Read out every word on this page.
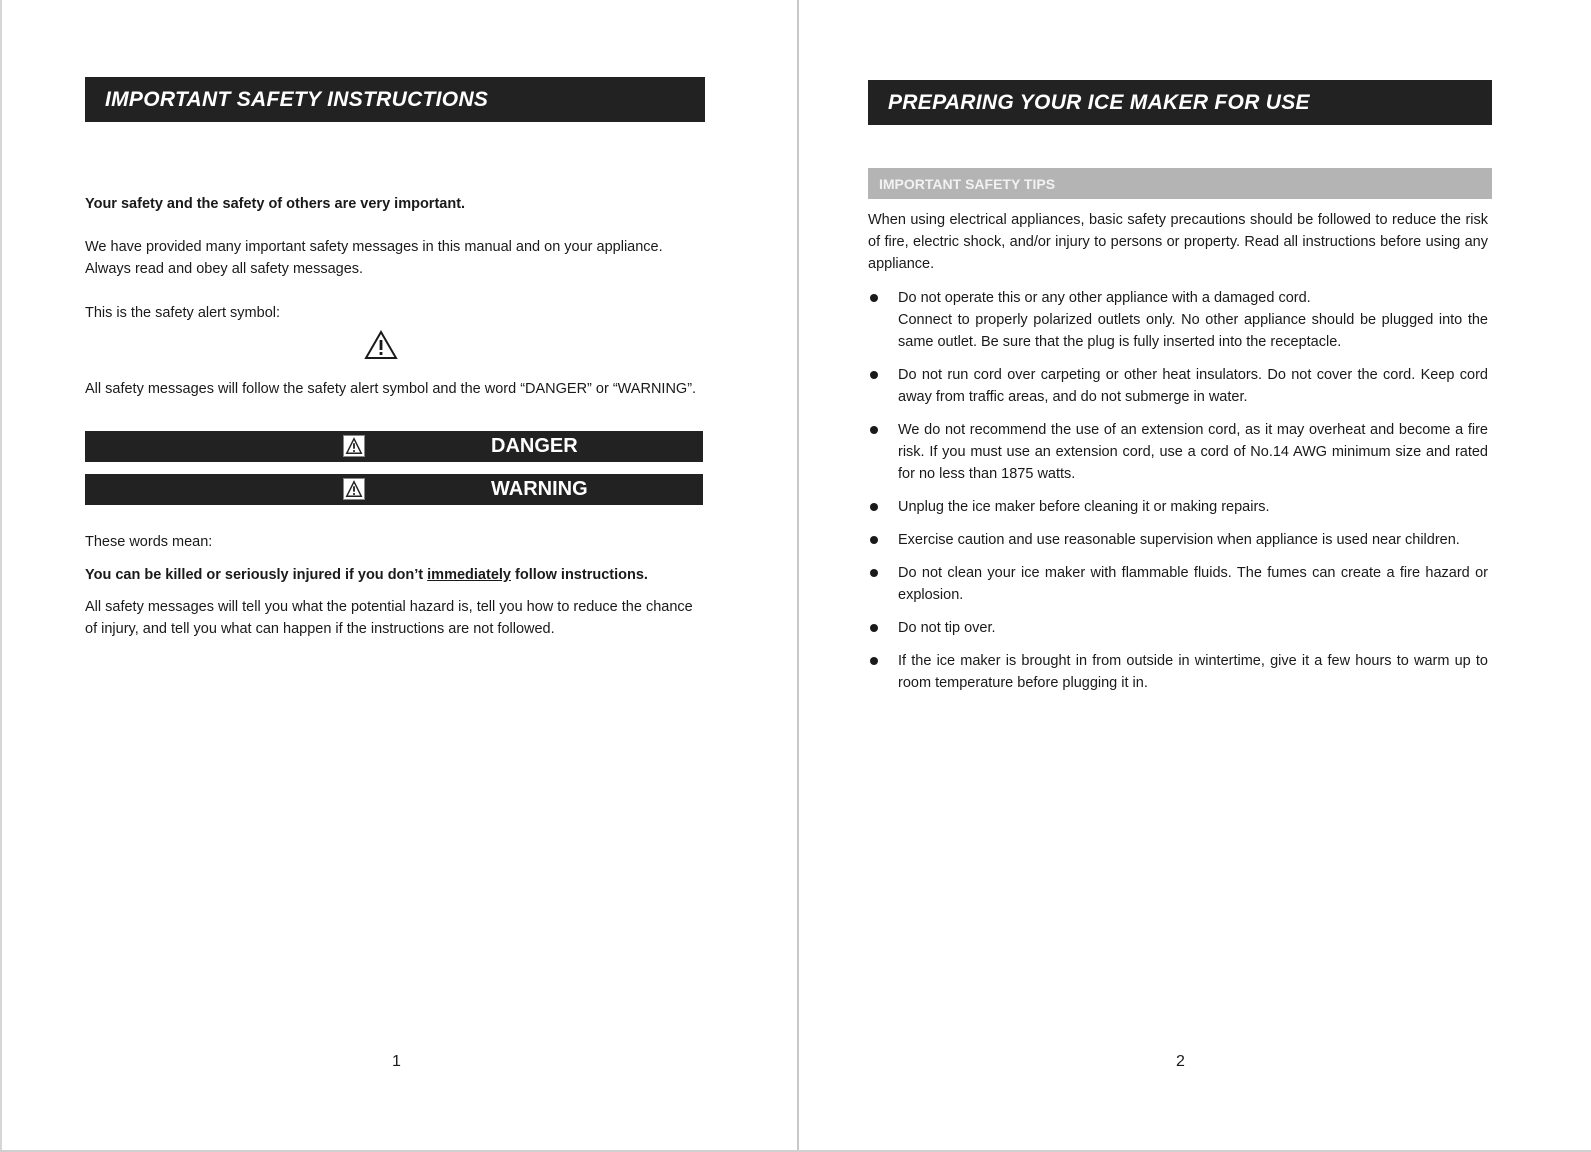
IMPORTANT SAFETY INSTRUCTIONS
Your safety and the safety of others are very important.
We have provided many important safety messages in this manual and on your appliance.
Always read and obey all safety messages.
This is the safety alert symbol:
All safety messages will follow the safety alert symbol and the word “DANGER” or “WARNING”.
DANGER
WARNING
These words mean:
You can be killed or seriously injured if you don’t immediately follow instructions.
All safety messages will tell you what the potential hazard is, tell you how to reduce the chance of injury, and tell you what can happen if the instructions are not followed.
1
PREPARING YOUR ICE MAKER FOR USE
IMPORTANT SAFETY TIPS
When using electrical appliances, basic safety precautions should be followed to reduce the risk of fire, electric shock, and/or injury to persons or property. Read all instructions before using any appliance.
Do not operate this or any other appliance with a damaged cord.
Connect to properly polarized outlets only. No other appliance should be plugged into the same outlet. Be sure that the plug is fully inserted into the receptacle.
Do not run cord over carpeting or other heat insulators. Do not cover the cord. Keep cord away from traffic areas, and do not submerge in water.
We do not recommend the use of an extension cord, as it may overheat and become a fire risk. If you must use an extension cord, use a cord of No.14 AWG minimum size and rated for no less than 1875 watts.
Unplug the ice maker before cleaning it or making repairs.
Exercise caution and use reasonable supervision when appliance is used near children.
Do not clean your ice maker with flammable fluids. The fumes can create a fire hazard or explosion.
Do not tip over.
If the ice maker is brought in from outside in wintertime, give it a few hours to warm up to room temperature before plugging it in.
2
